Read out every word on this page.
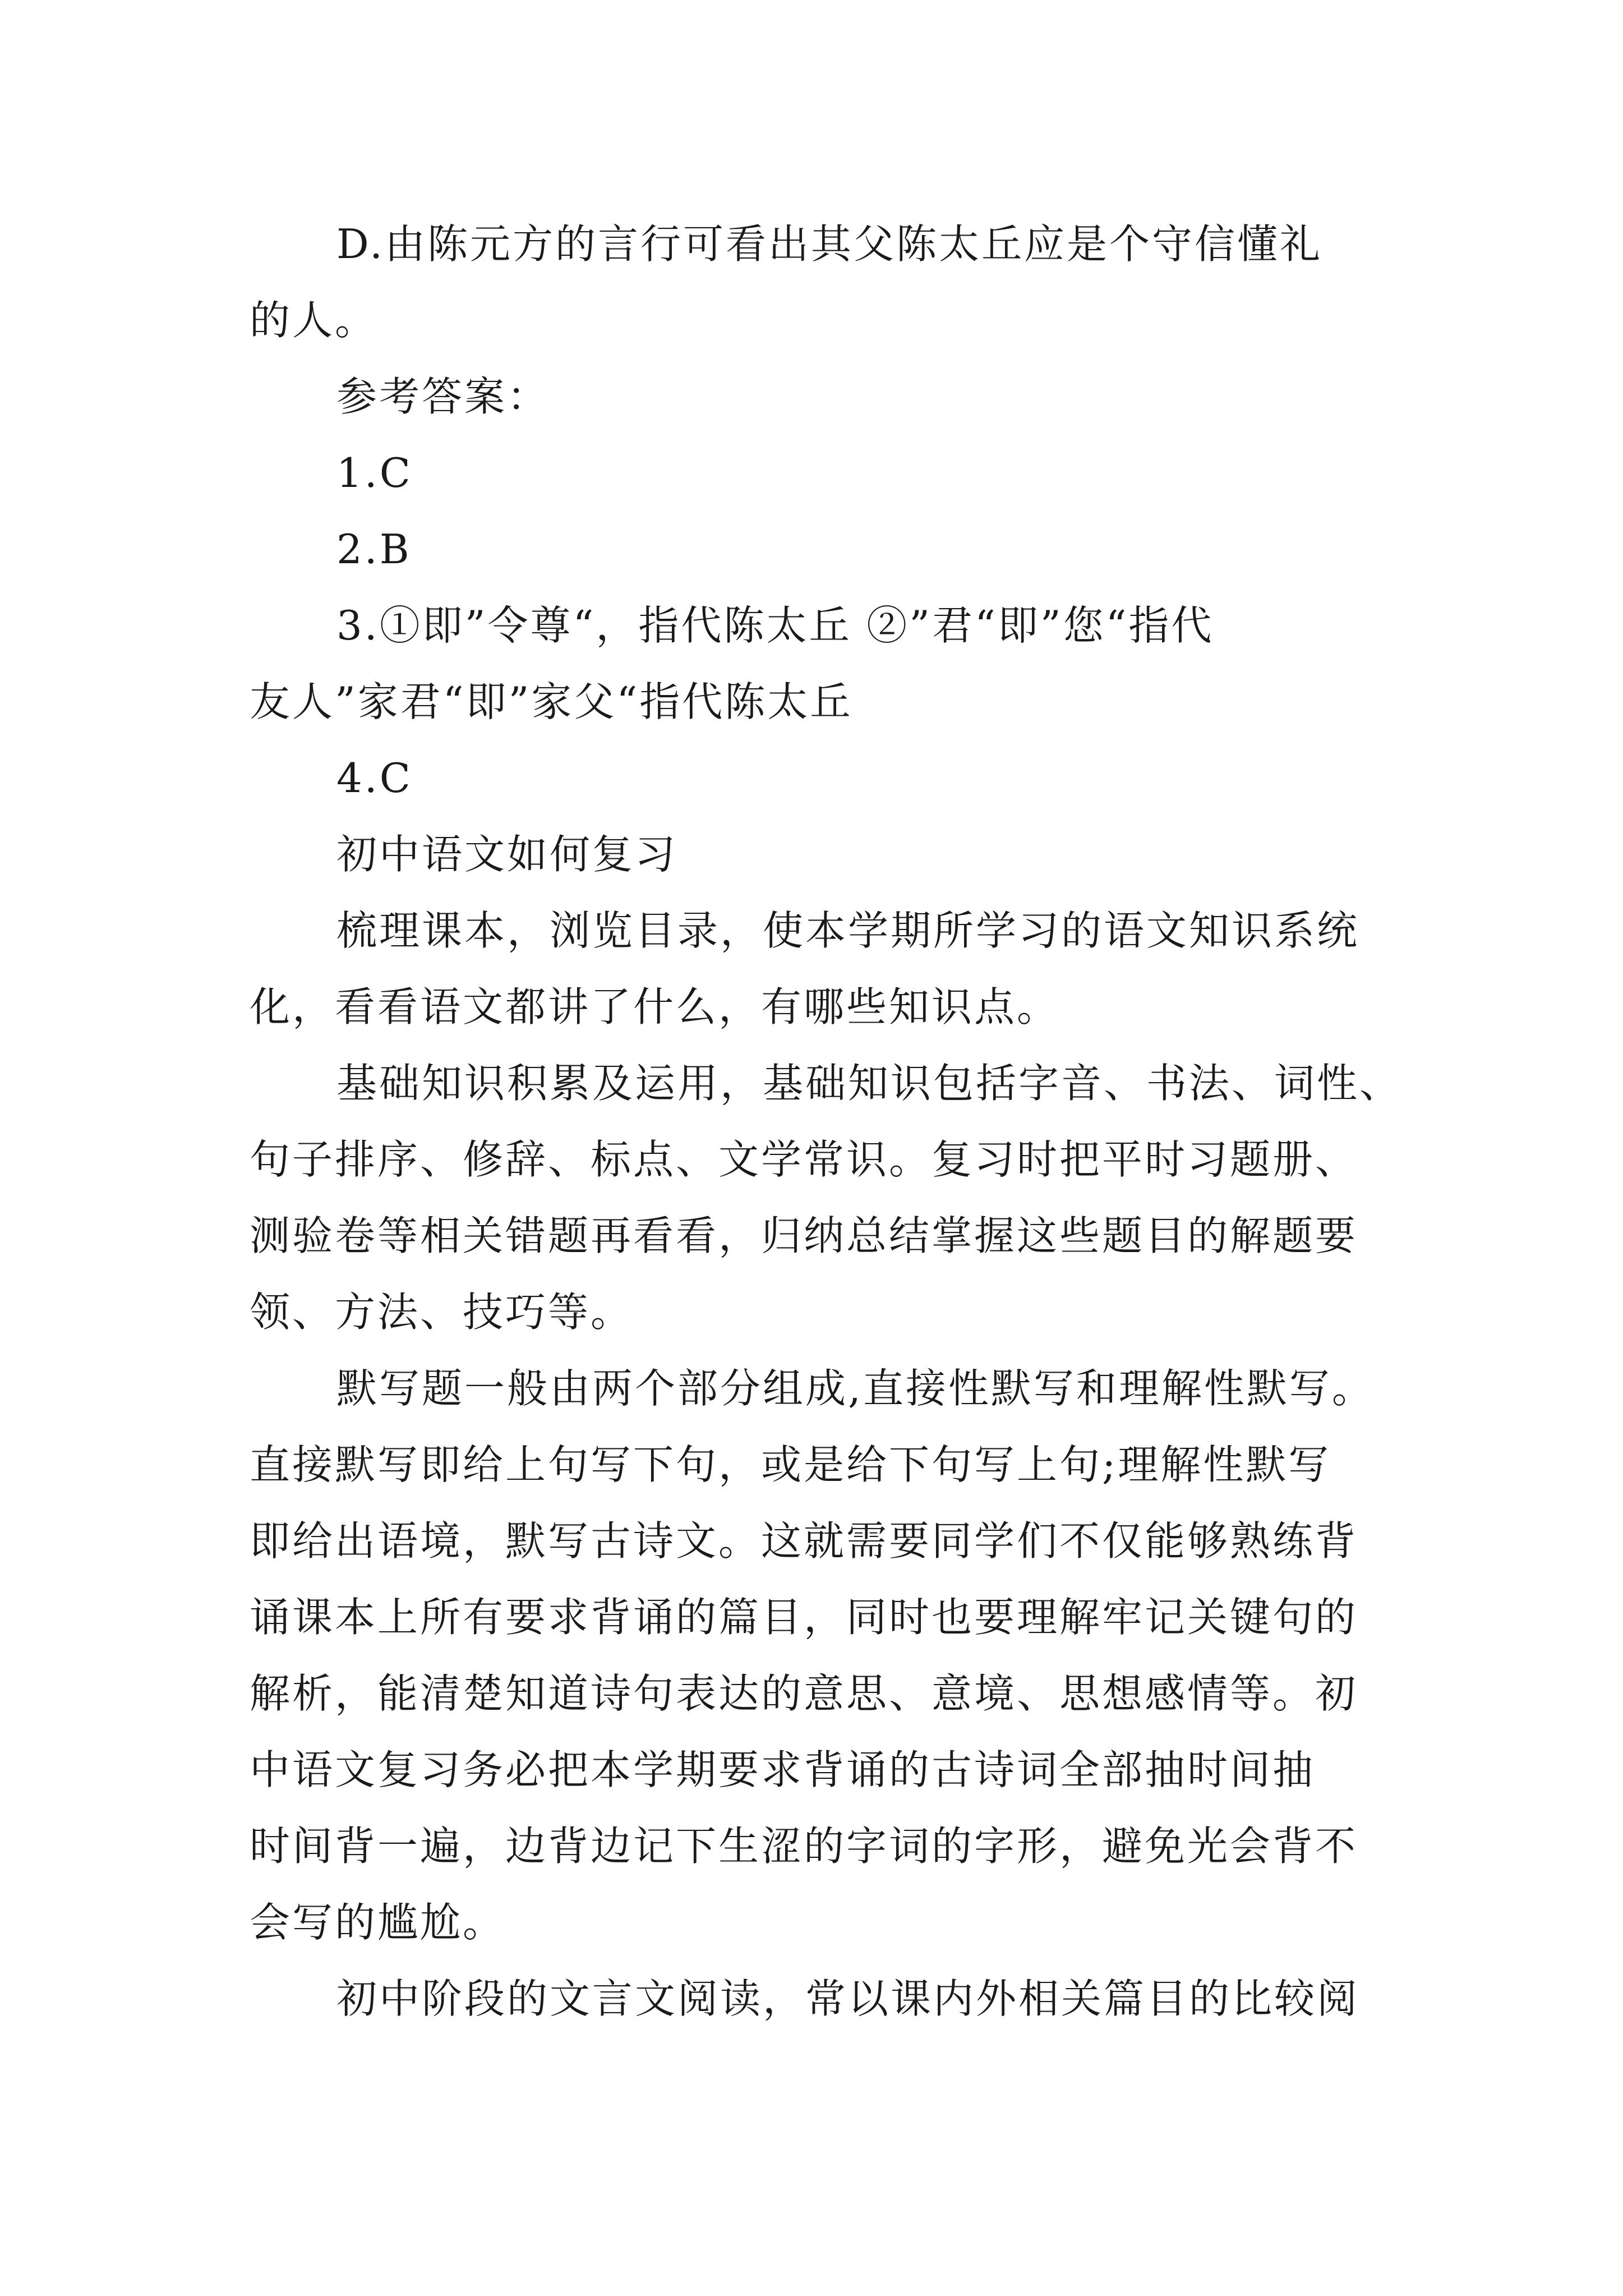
D.由陈元方的言行可看出其父陈太丘应是个守信懂礼
的人。
参考答案：
1.C
2.B
3.①即”令尊“，指代陈太丘 ②”君“即”您“指代
友人”家君“即”家父“指代陈太丘
4.C
初中语文如何复习
梳理课本，浏览目录，使本学期所学习的语文知识系统
化，看看语文都讲了什么，有哪些知识点。
基础知识积累及运用，基础知识包括字音、书法、词性、
句子排序、修辞、标点、文学常识。复习时把平时习题册、
测验卷等相关错题再看看，归纳总结掌握这些题目的解题要
领、方法、技巧等。
默写题一般由两个部分组成,直接性默写和理解性默写。
直接默写即给上句写下句，或是给下句写上句;理解性默写
即给出语境，默写古诗文。这就需要同学们不仅能够熟练背
诵课本上所有要求背诵的篇目，同时也要理解牢记关键句的
解析，能清楚知道诗句表达的意思、意境、思想感情等。初
中语文复习务必把本学期要求背诵的古诗词全部抽时间抽
时间背一遍，边背边记下生涩的字词的字形，避免光会背不
会写的尴尬。
初中阶段的文言文阅读，常以课内外相关篇目的比较阅
